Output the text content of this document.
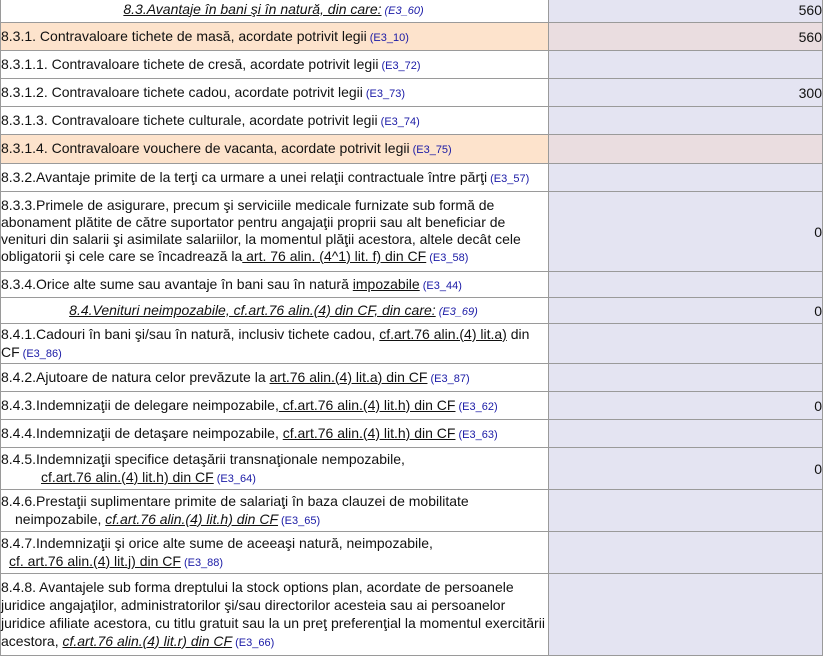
8.3.Avantaje în bani şi în natură, din care: (E3_60)	560
8.3.1. Contravaloare tichete de masă, acordate potrivit legii (E3_10)	560
8.3.1.1. Contravaloare tichete de cresă, acordate potrivit legii (E3_72)	
8.3.1.2. Contravaloare tichete cadou, acordate potrivit legii (E3_73)	300
8.3.1.3. Contravaloare tichete culturale, acordate potrivit legii (E3_74)	
8.3.1.4. Contravaloare vouchere de vacanta, acordate potrivit legii (E3_75)	
8.3.2.Avantaje primite de la terţi ca urmare a unei relaţii contractuale între părţi (E3_57)	
8.3.3.Primele de asigurare, precum şi serviciile medicale furnizate sub formă de abonament plătite de către suportator pentru angajaţii proprii sau alt beneficiar de venituri din salarii şi asimilate salariilor, la momentul plăţii acestora, altele decât cele obligatorii şi cele care se încadrează la art. 76 alin. (4^1) lit. f) din CF (E3_58)	0
8.3.4.Orice alte sume sau avantaje în bani sau în natură impozabile (E3_44)	
8.4.Venituri neimpozabile, cf.art.76 alin.(4) din CF, din care: (E3_69)	0
8.4.1.Cadouri în bani şi/sau în natură, inclusiv tichete cadou, cf.art.76 alin.(4) lit.a) din CF (E3_86)	
8.4.2.Ajutoare de natura celor prevăzute la art.76 alin.(4) lit.a) din CF (E3_87)	
8.4.3.Indemnizaţii de delegare neimpozabile, cf.art.76 alin.(4) lit.h) din CF (E3_62)	0
8.4.4.Indemnizaţii de detaşare neimpozabile, cf.art.76 alin.(4) lit.h) din CF (E3_63)	
8.4.5.Indemnizaţii specifice detaşării transnaţionale nempozabile,
cf.art.76 alin.(4) lit.h) din CF (E3_64)	0
8.4.6.Prestaţii suplimentare primite de salariaţi în baza clauzei de mobilitate
neimpozabile, cf.art.76 alin.(4) lit.h) din CF (E3_65)	
8.4.7.Indemnizaţii şi orice alte sume de aceeaşi natură, neimpozabile,
cf. art.76 alin.(4) lit.j) din CF (E3_88)	
8.4.8. Avantajele sub forma dreptului la stock options plan, acordate de persoanele juridice angajaţilor, administratorilor şi/sau directorilor acesteia sau ai persoanelor juridice afiliate acestora, cu titlu gratuit sau la un preţ preferenţial la momentul exercitării acestora, cf.art.76 alin.(4) lit.r) din CF (E3_66)	
